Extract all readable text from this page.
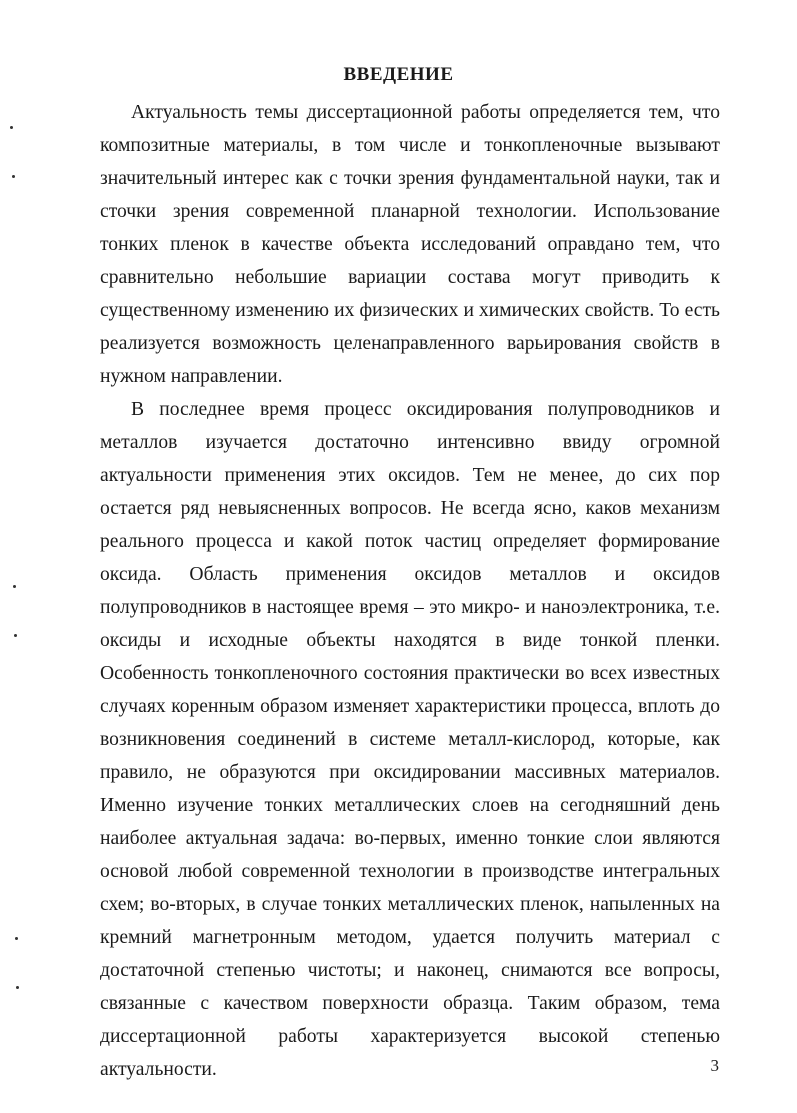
ВВЕДЕНИЕ

Актуальность темы диссертационной работы определяется тем, что композитные материалы, в том числе и тонкопленочные вызывают значительный интерес как с точки зрения фундаментальной науки, так и сточки зрения современной планарной технологии. Использование тонких пленок в качестве объекта исследований оправдано тем, что сравнительно небольшие вариации состава могут приводить к существенному изменению их физических и химических свойств. То есть реализуется возможность целенаправленного варьирования свойств в нужном направлении.

В последнее время процесс оксидирования полупроводников и металлов изучается достаточно интенсивно ввиду огромной актуальности применения этих оксидов. Тем не менее, до сих пор остается ряд невыясненных вопросов. Не всегда ясно, каков механизм реального процесса и какой поток частиц определяет формирование оксида. Область применения оксидов металлов и оксидов полупроводников в настоящее время – это микро- и наноэлектроника, т.е. оксиды и исходные объекты находятся в виде тонкой пленки. Особенность тонкопленочного состояния практически во всех известных случаях коренным образом изменяет характеристики процесса, вплоть до возникновения соединений в системе металл-кислород, которые, как правило, не образуются при оксидировании массивных материалов. Именно изучение тонких металлических слоев на сегодняшний день наиболее актуальная задача: во-первых, именно тонкие слои являются основой любой современной технологии в производстве интегральных схем; во-вторых, в случае тонких металлических пленок, напыленных на кремний магнетронным методом, удается получить материал с достаточной степенью чистоты; и наконец, снимаются все вопросы, связанные с качеством поверхности образца. Таким образом, тема диссертационной работы характеризуется высокой степенью актуальности.	3
